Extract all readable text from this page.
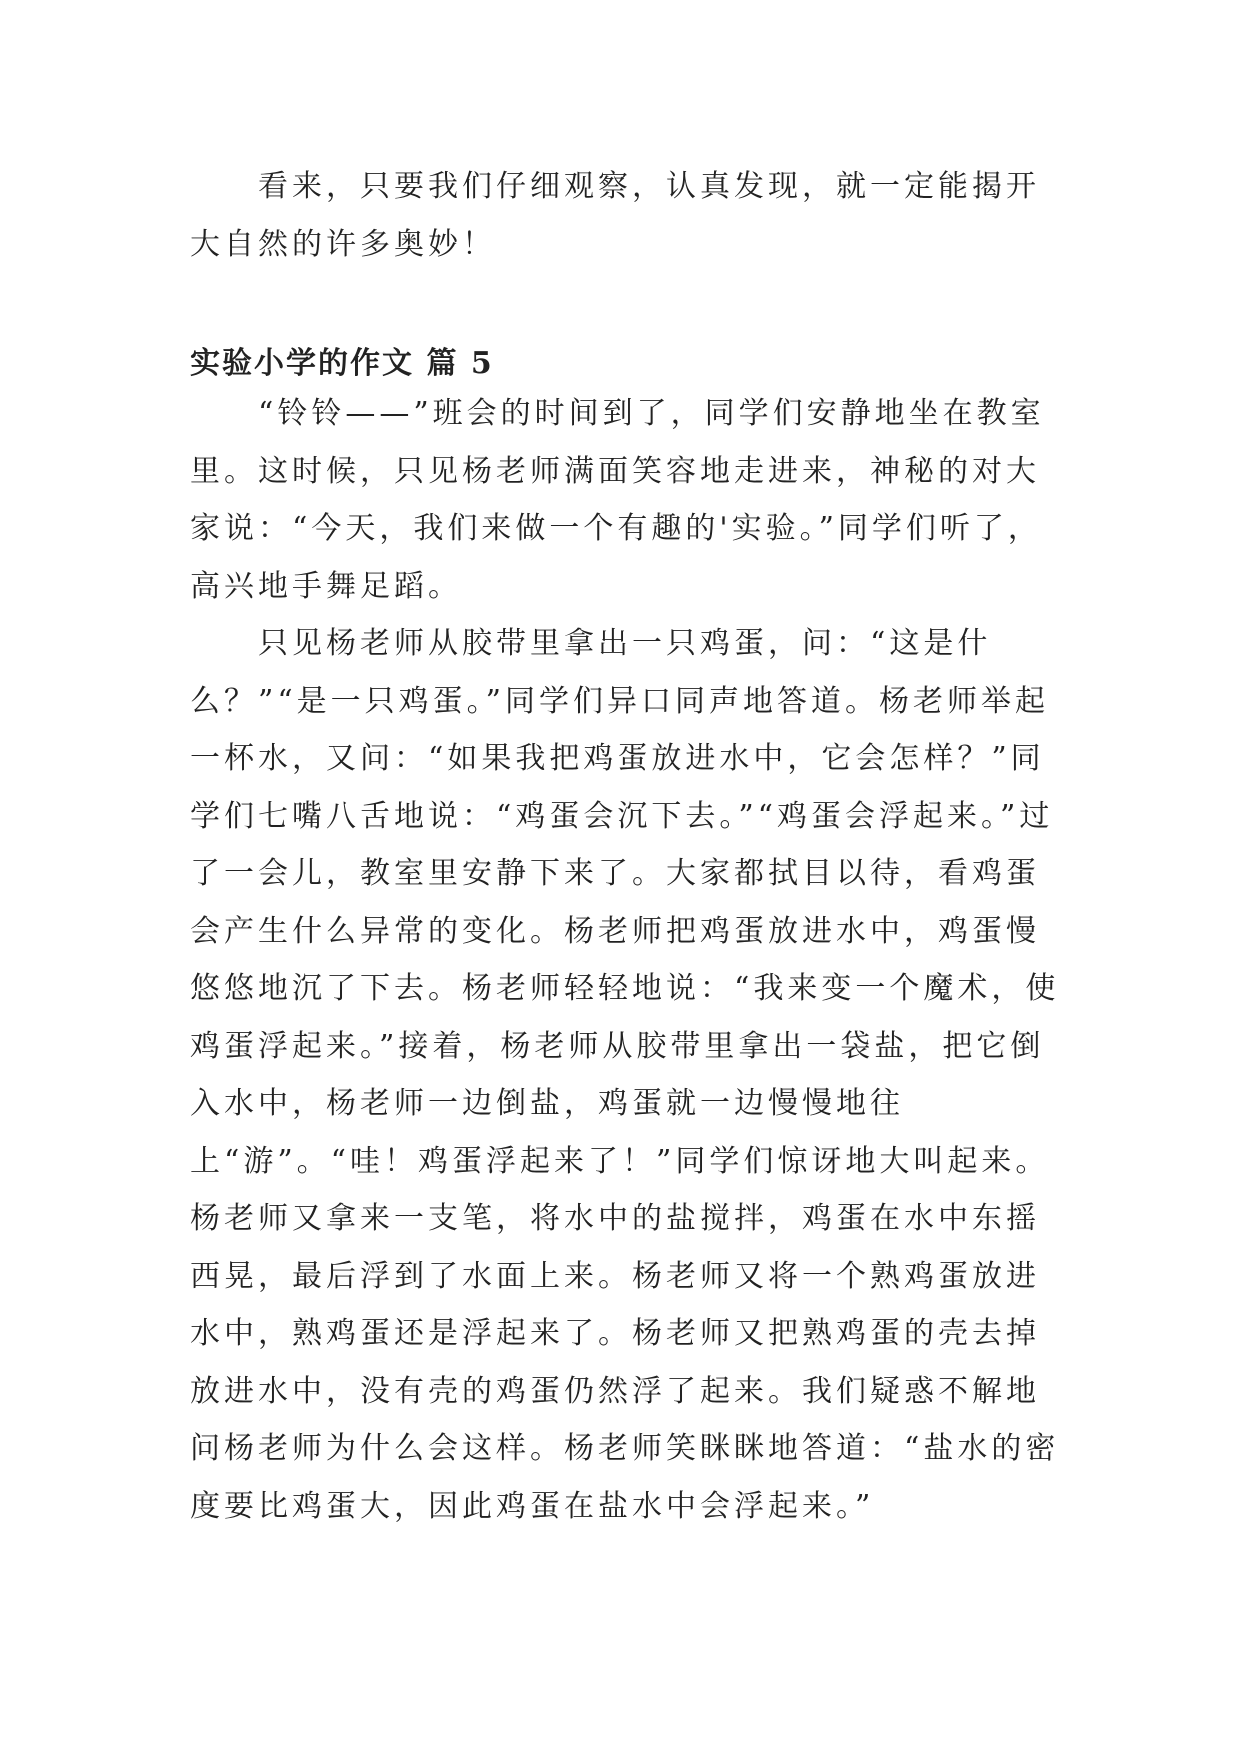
看来，只要我们仔细观察，认真发现，就一定能揭开大自然的许多奥妙！

实验小学的作文 篇 5

“铃铃——”班会的时间到了，同学们安静地坐在教室里。这时候，只见杨老师满面笑容地走进来，神秘的对大家说：“今天，我们来做一个有趣的'实验。”同学们听了，高兴地手舞足蹈。

只见杨老师从胶带里拿出一只鸡蛋，问：“这是什么？”“是一只鸡蛋。”同学们异口同声地答道。杨老师举起一杯水，又问：“如果我把鸡蛋放进水中，它会怎样？”同学们七嘴八舌地说：“鸡蛋会沉下去。”“鸡蛋会浮起来。”过了一会儿，教室里安静下来了。大家都拭目以待，看鸡蛋会产生什么异常的变化。杨老师把鸡蛋放进水中，鸡蛋慢悠悠地沉了下去。杨老师轻轻地说：“我来变一个魔术，使鸡蛋浮起来。”接着，杨老师从胶带里拿出一袋盐，把它倒入水中，杨老师一边倒盐，鸡蛋就一边慢慢地往上“游”。“哇！鸡蛋浮起来了！”同学们惊讶地大叫起来。杨老师又拿来一支笔，将水中的盐搅拌，鸡蛋在水中东摇西晃，最后浮到了水面上来。杨老师又将一个熟鸡蛋放进水中，熟鸡蛋还是浮起来了。杨老师又把熟鸡蛋的壳去掉放进水中，没有壳的鸡蛋仍然浮了起来。我们疑惑不解地问杨老师为什么会这样。杨老师笑眯眯地答道：“盐水的密度要比鸡蛋大，因此鸡蛋在盐水中会浮起来。”
